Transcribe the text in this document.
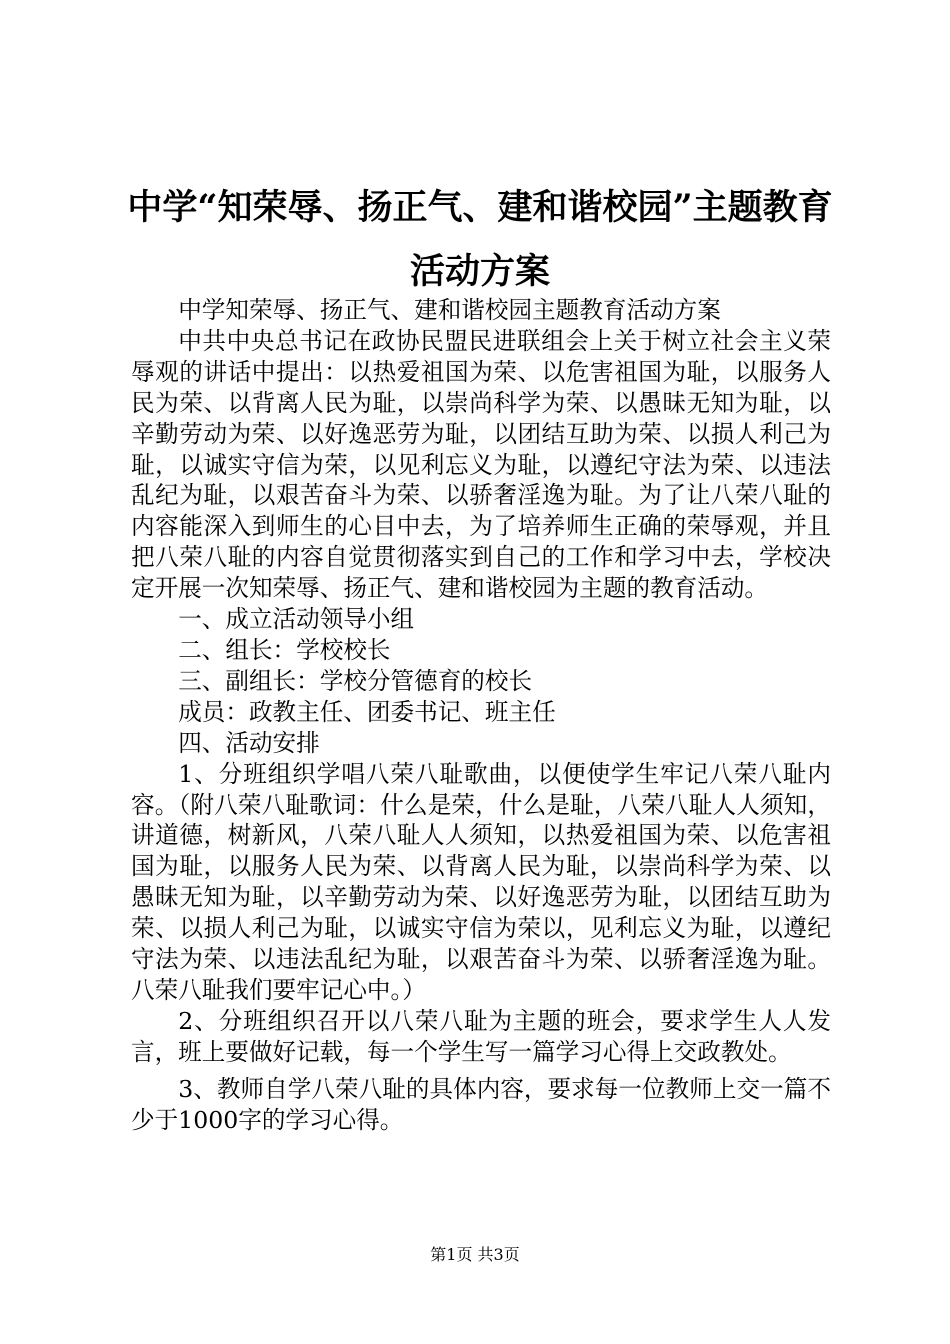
中学“知荣辱、扬正气、建和谐校园”主题教育活动方案

中学知荣辱、扬正气、建和谐校园主题教育活动方案

中共中央总书记在政协民盟民进联组会上关于树立社会主义荣辱观的讲话中提出：以热爱祖国为荣、以危害祖国为耻，以服务人民为荣、以背离人民为耻，以崇尚科学为荣、以愚昧无知为耻，以辛勤劳动为荣、以好逸恶劳为耻，以团结互助为荣、以损人利己为耻，以诚实守信为荣，以见利忘义为耻，以遵纪守法为荣、以违法乱纪为耻，以艰苦奋斗为荣、以骄奢淫逸为耻。为了让八荣八耻的内容能深入到师生的心目中去，为了培养师生正确的荣辱观，并且把八荣八耻的内容自觉贯彻落实到自己的工作和学习中去，学校决定开展一次知荣辱、扬正气、建和谐校园为主题的教育活动。

一、成立活动领导小组

二、组长：学校校长

三、副组长：学校分管德育的校长

成员：政教主任、团委书记、班主任

四、活动安排

1、分班组织学唱八荣八耻歌曲，以便使学生牢记八荣八耻内容。（附八荣八耻歌词：什么是荣，什么是耻，八荣八耻人人须知，讲道德，树新风，八荣八耻人人须知，以热爱祖国为荣、以危害祖国为耻，以服务人民为荣、以背离人民为耻，以崇尚科学为荣、以愚昧无知为耻，以辛勤劳动为荣、以好逸恶劳为耻，以团结互助为荣、以损人利己为耻，以诚实守信为荣以，见利忘义为耻，以遵纪守法为荣、以违法乱纪为耻，以艰苦奋斗为荣、以骄奢淫逸为耻。八荣八耻我们要牢记心中。）

2、分班组织召开以八荣八耻为主题的班会，要求学生人人发言，班上要做好记载，每一个学生写一篇学习心得上交政教处。

3、教师自学八荣八耻的具体内容，要求每一位教师上交一篇不少于1000字的学习心得。

第1页 共3页
